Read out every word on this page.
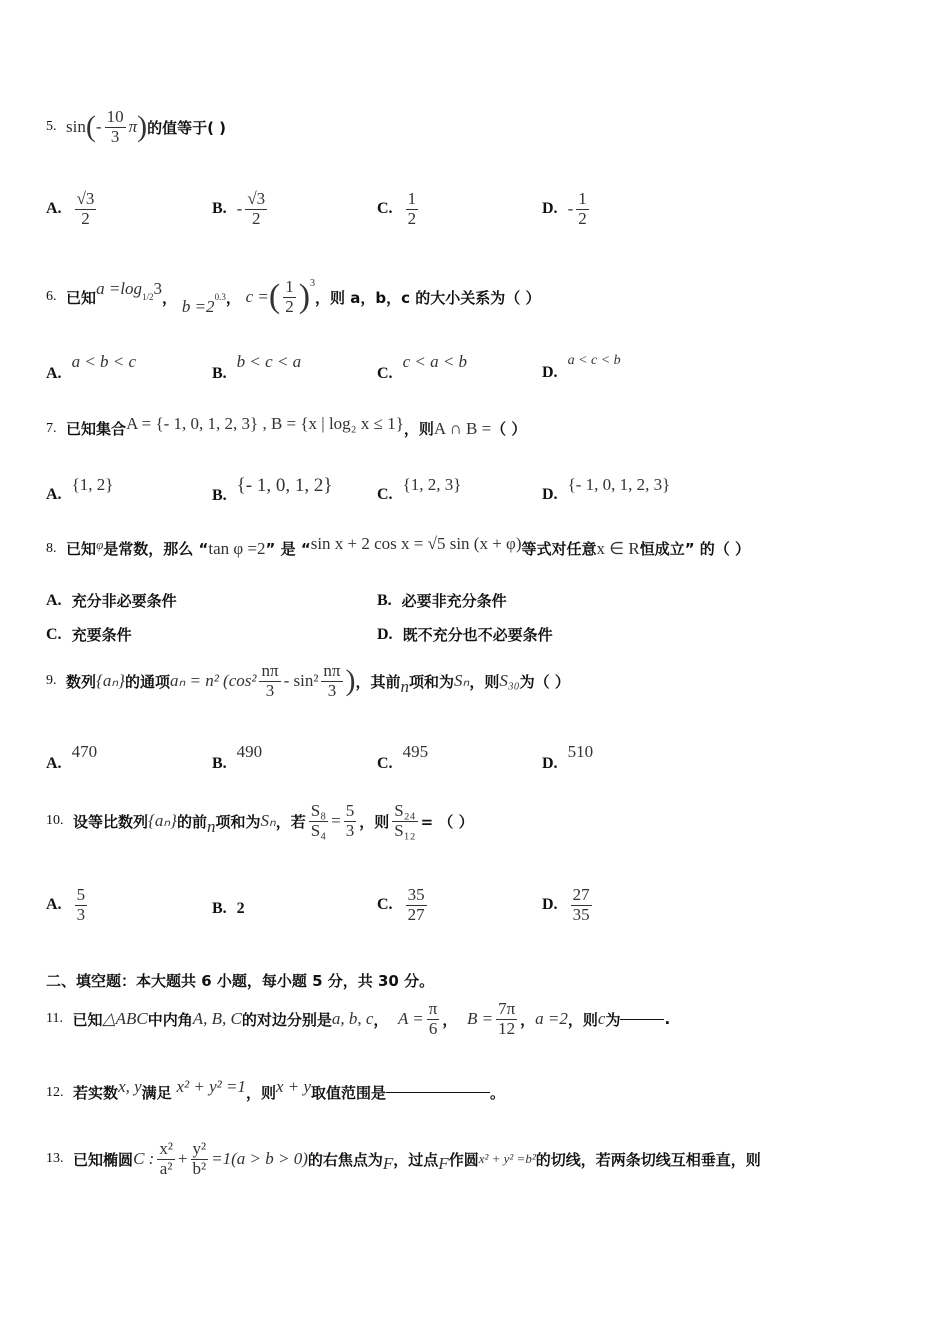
5.
sin ( - $\frac{10}{3}$ π ) 的值等于( )
A. $\frac{√3}{2}$	B. - $\frac{√3}{2}$	C. $\frac{1}{2}$	D. - $\frac{1}{2}$
6.
已知 $a =\log_{1/2}$ 3 ，
$b =2^{0.3}$ ，
c = ( $\frac{1}{2} )^3$
，则 a，b，c 的大小关系为（ ）
A.
a < b < c
B.
b < c < a
C.
c < a < b
D.
a < c < b
7.
已知集合 A = {- 1, 0, 1, 2, 3} , B = {x | log₂ x ≤ 1} ，则 A ∩ B = （ ）
A.
{1, 2}
B. {- 1, 0, 1, 2}	C.
{1, 2, 3}
D.
{- 1, 0, 1, 2, 3}
8.
已知 φ 是常数，那么 “ tan φ =2 ” 是 “ sin x + 2 cos x = √5 sin (x + φ) 等式对任意 x ∈ R 恒成立” 的（ ）
A. 充分非必要条件	B. 必要非充分条件
C. 充要条件	D. 既不充分也不必要条件
9.
数列 {aₙ} 的通项 aₙ = n² ($\cos^2 \frac{n\pi}{3} - \sin^2 \frac{n\pi}{3}$ ) ，其前 n 项和为 Sₙ ，则 S₃₀ 为（ ）
A.
470
B.
490
C.
495
D.
510
10.
设等比数列 {aₙ} 的前 n 项和为 Sₙ ，若 $\frac{\text{S₈}}{\text{S₄}} = \frac{5}{3}$ ，则 $\frac{\text{S₂₄}}{\text{S₁₂}}$ = （ ）
A. $\frac{5}{3}$	B. 2	C. $\frac{35}{27}$	D. $\frac{27}{35}$
二、填空题：本大题共 6 小题，每小题 5 分，共 30 分。
11.
已知 △ABC 中内角 A, B, C 的对边分别是 a, b, c ，
$A = \frac{\pi}{6}$ ，
$B = \frac{7\pi}{12}$ ， a =2 ，则 c 为	.
12.
若实数 x, y 满足
x² + y² =1 ，则 x + y 取值范围是	。
13.
已知椭圆 C : $\frac{\text{x²}}{\text{a²}} + \frac{\text{y²}}{\text{b²}} =1(a > b > 0)$ 的右焦点为 F ，过点 F 作圆 x² + y² =b² 的切线，若两条切线互相垂直，则
